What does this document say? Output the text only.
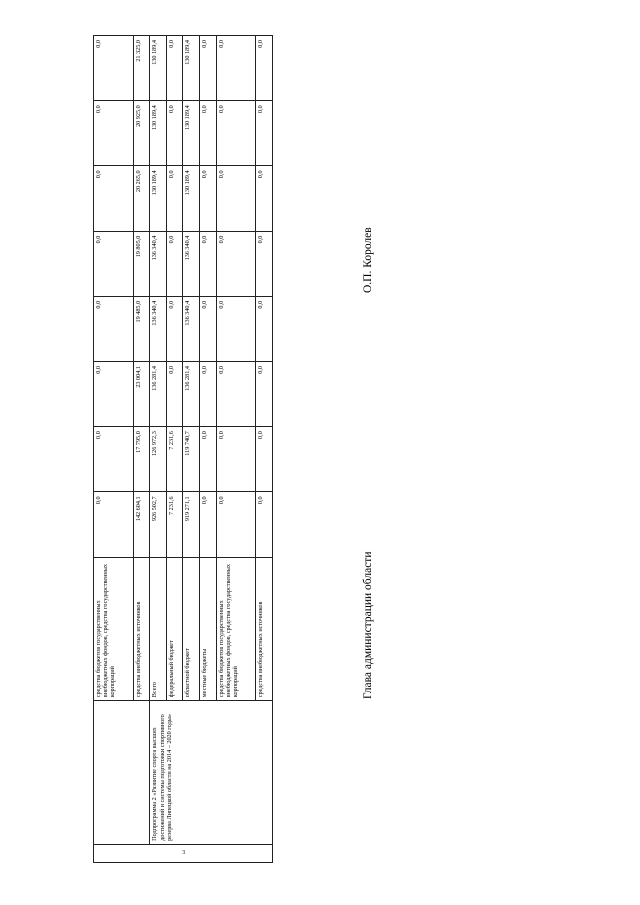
3		средства бюджетов государственных внебюджетных фондов, средства государственных корпораций	0,0	0,0	0,0	0,0	0,0	0,0	0,0	0,0
		средства внебюджетных источников	142 604,1	17 795,0	23 004,1	19 485,0	19 805,0	20 265,0	20 925,0	21 325,0
	Подпрограмма 2 «Развитие спорта высших достижений и системы подготовки спортивного резерва Липецкой области на 2014 – 2020 годы»	Всего	926 502,7	126 972,3	136 281,4	136 340,4	136 340,4	130 189,4	130 189,4	130 189,4
		федеральный бюджет	7 231,6	7 231,6	0,0	0,0	0,0	0,0	0,0	0,0
		областной бюджет	919 271,1	119 740,7	136 281,4	136 340,4	136 340,4	130 189,4	130 189,4	130 189,4
		местные бюджеты	0,0	0,0	0,0	0,0	0,0	0,0	0,0	0,0
		средства бюджетов государственных внебюджетных фондов, средства государственных корпораций	0,0	0,0	0,0	0,0	0,0	0,0	0,0	0,0
		средства внебюджетных источников	0,0	0,0	0,0	0,0	0,0	0,0	0,0	0,0
Глава администрации области
О.П. Королев
